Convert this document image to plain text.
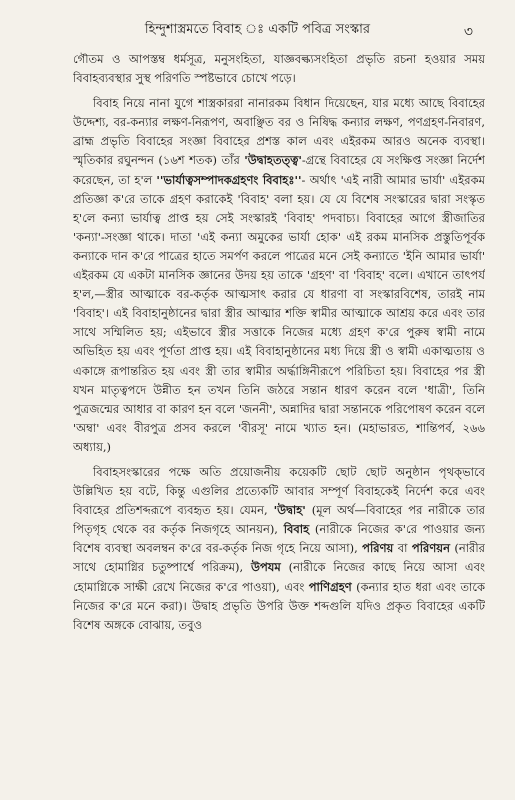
হিন্দুশাস্ত্রমতে বিবাহ ঃ একটি পবিত্র সংস্কার	৩

গৌতম ও আপস্তম্ব ধর্মসূত্র, মনুসংহিতা, যাজ্ঞবল্ক্যসংহিতা প্রভৃতি রচনা হওয়ার সময় বিবাহব্যবস্থার সুস্থ পরিণতি স্পষ্টভাবে চোখে পড়ে।

বিবাহ নিয়ে নানা যুগে শাস্ত্রকাররা নানারকম বিধান দিয়েছেন, যার মধ্যে আছে বিবাহের উদ্দেশ্য, বর-কন্যার লক্ষণ-নিরূপণ, অবাঞ্ছিত বর ও নিষিদ্ধ কন্যার লক্ষণ, পণগ্রহণ-নিবারণ, ব্রাহ্ম প্রভৃতি বিবাহের সংজ্ঞা বিবাহের প্রশস্ত কাল এবং এইরকম আরও অনেক ব্যবস্থা। স্মৃতিকার রঘুনন্দন (১৬শ শতক) তাঁর 'উদ্বাহতত্ত্ব'-গ্রন্থে বিবাহের যে সংক্ষিপ্ত সংজ্ঞা নির্দেশ করেছেন, তা হ'ল ''ভার্যাত্বসম্পাদকগ্রহণং বিবাহঃ''- অর্থাৎ 'এই নারী আমার ভার্যা' এইরকম প্রতিজ্ঞা ক'রে তাকে গ্রহণ করাকেই 'বিবাহ' বলা হয়। যে যে বিশেষ সংস্কারের দ্বারা সংস্কৃত হ'লে কন্যা ভার্যাত্ব প্রাপ্ত হয় সেই সংস্কারই 'বিবাহ' পদবাচ্য। বিবাহের আগে স্ত্রীজাতির 'কন্যা'-সংজ্ঞা থাকে। দাতা 'এই কন্যা অমুকের ভার্যা হোক' এই রকম মানসিক প্রস্তুতিপূর্বক কন্যাকে দান ক'রে পাত্রের হাতে সমর্পণ করলে পাত্রের মনে সেই কন্যাতে 'ইনি আমার ভার্যা' এইরকম যে একটা মানসিক জ্ঞানের উদয় হয় তাকে 'গ্রহণ' বা 'বিবাহ' বলে। এখানে তাৎপর্য হ'ল,—স্ত্রীর আত্মাকে বর-কর্তৃক আত্মসাৎ করার যে ধারণা বা সংস্কারবিশেষ, তারই নাম 'বিবাহ'। এই বিবাহানুষ্ঠানের দ্বারা স্ত্রীর আত্মার শক্তি স্বামীর আত্মাকে আশ্রয় করে এবং তার সাথে সম্মিলিত হয়; এইভাবে স্ত্রীর সত্তাকে নিজের মধ্যে গ্রহণ ক'রে পুরুষ স্বামী নামে অভিহিত হয় এবং পূর্ণতা প্রাপ্ত হয়। এই বিবাহানুষ্ঠানের মধ্য দিয়ে স্ত্রী ও স্বামী একাত্মতায় ও একাঙ্গে রূপান্তরিত হয় এবং স্ত্রী তার স্বামীর অর্দ্ধাঙ্গিনীরূপে পরিচিতা হয়। বিবাহের পর স্ত্রী যখন মাতৃত্বপদে উন্নীত হন তখন তিনি জঠরে সন্তান ধারণ করেন বলে 'ধাত্রী', তিনি পুত্রজন্মের আধার বা কারণ হন বলে 'জননী', অন্নাদির দ্বারা সন্তানকে পরিপোষণ করেন বলে 'অম্বা' এবং বীরপুত্র প্রসব করলে 'বীরসূ' নামে খ্যাত হন। (মহাভারত, শান্তিপর্ব, ২৬৬ অধ্যায়,)

বিবাহসংস্কারের পক্ষে অতি প্রয়োজনীয় কয়েকটি ছোট ছোট অনুষ্ঠান পৃথক্‌ভাবে উল্লিখিত হয় বটে, কিন্তু এগুলির প্রত্যেকটি আবার সম্পূর্ণ বিবাহকেই নির্দেশ করে এবং বিবাহের প্রতিশব্দরূপে ব্যবহৃত হয়। যেমন, 'উদ্বাহ' (মূল অর্থ—বিবাহের পর নারীকে তার পিতৃগৃহ থেকে বর কর্তৃক নিজগৃহে আনয়ন), বিবাহ (নারীকে নিজের ক'রে পাওয়ার জন্য বিশেষ ব্যবস্থা অবলম্বন ক'রে বর-কর্তৃক নিজ গৃহে নিয়ে আসা), পরিণয় বা পরিণয়ন (নারীর সাথে হোমাগ্নির চতুষ্পার্শ্বে পরিক্রম), উপযম (নারীকে নিজের কাছে নিয়ে আসা এবং হোমাগ্নিকে সাক্ষী রেখে নিজের ক'রে পাওয়া), এবং পাণিগ্রহণ (কন্যার হাত ধরা এবং তাকে নিজের ক'রে মনে করা)। উদ্বাহ প্রভৃতি উপরি উক্ত শব্দগুলি যদিও প্রকৃত বিবাহের একটি বিশেষ অঙ্গকে বোঝায়, তবুও
